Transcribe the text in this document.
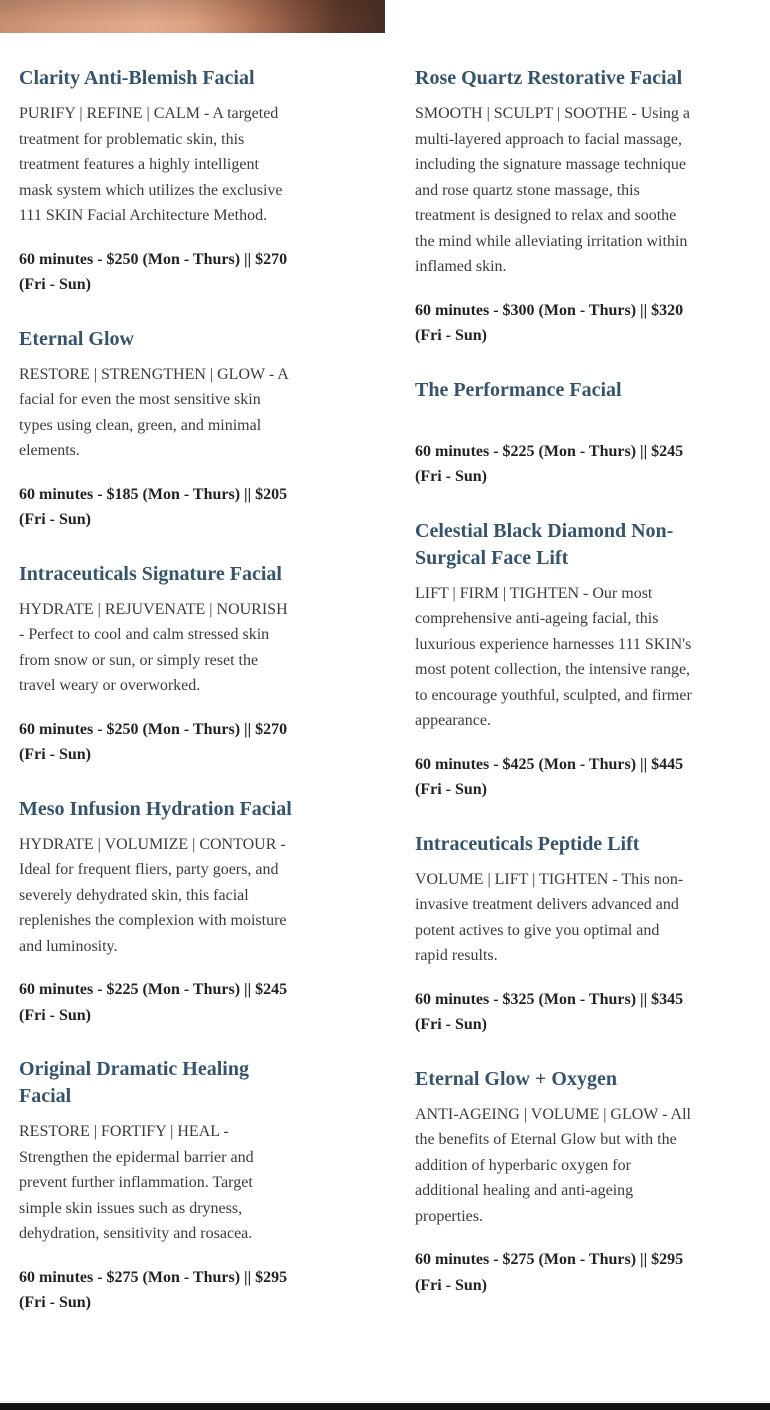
Clarity Anti-Blemish Facial

PURIFY | REFINE | CALM - A targeted treatment for problematic skin, this treatment features a highly intelligent mask system which utilizes the exclusive 111 SKIN Facial Architecture Method.

60 minutes - $250 (Mon - Thurs) || $270 (Fri - Sun)

Eternal Glow

RESTORE | STRENGTHEN | GLOW - A facial for even the most sensitive skin types using clean, green, and minimal elements.

60 minutes - $185 (Mon - Thurs) || $205 (Fri - Sun)

Intraceuticals Signature Facial

HYDRATE | REJUVENATE | NOURISH - Perfect to cool and calm stressed skin from snow or sun, or simply reset the travel weary or overworked.

60 minutes - $250 (Mon - Thurs) || $270 (Fri - Sun)

Meso Infusion Hydration Facial

HYDRATE | VOLUMIZE | CONTOUR - Ideal for frequent fliers, party goers, and severely dehydrated skin, this facial replenishes the complexion with moisture and luminosity.

60 minutes - $225 (Mon - Thurs) || $245 (Fri - Sun)

Original Dramatic Healing Facial

RESTORE | FORTIFY | HEAL - Strengthen the epidermal barrier and prevent further inflammation. Target simple skin issues such as dryness, dehydration, sensitivity and rosacea.

60 minutes - $275 (Mon - Thurs) || $295 (Fri - Sun)

Rose Quartz Restorative Facial

SMOOTH | SCULPT | SOOTHE - Using a multi-layered approach to facial massage, including the signature massage technique and rose quartz stone massage, this treatment is designed to relax and soothe the mind while alleviating irritation within inflamed skin.

60 minutes - $300 (Mon - Thurs) || $320 (Fri - Sun)

The Performance Facial

60 minutes - $225 (Mon - Thurs) || $245 (Fri - Sun)

Celestial Black Diamond Non-Surgical Face Lift

LIFT | FIRM | TIGHTEN - Our most comprehensive anti-ageing facial, this luxurious experience harnesses 111 SKIN's most potent collection, the intensive range, to encourage youthful, sculpted, and firmer appearance.

60 minutes - $425 (Mon - Thurs) || $445 (Fri - Sun)

Intraceuticals Peptide Lift

VOLUME | LIFT | TIGHTEN - This non-invasive treatment delivers advanced and potent actives to give you optimal and rapid results.

60 minutes - $325 (Mon - Thurs) || $345 (Fri - Sun)

Eternal Glow + Oxygen

ANTI-AGEING | VOLUME | GLOW - All the benefits of Eternal Glow but with the addition of hyperbaric oxygen for additional healing and anti-ageing properties.

60 minutes - $275 (Mon - Thurs) || $295 (Fri - Sun)
